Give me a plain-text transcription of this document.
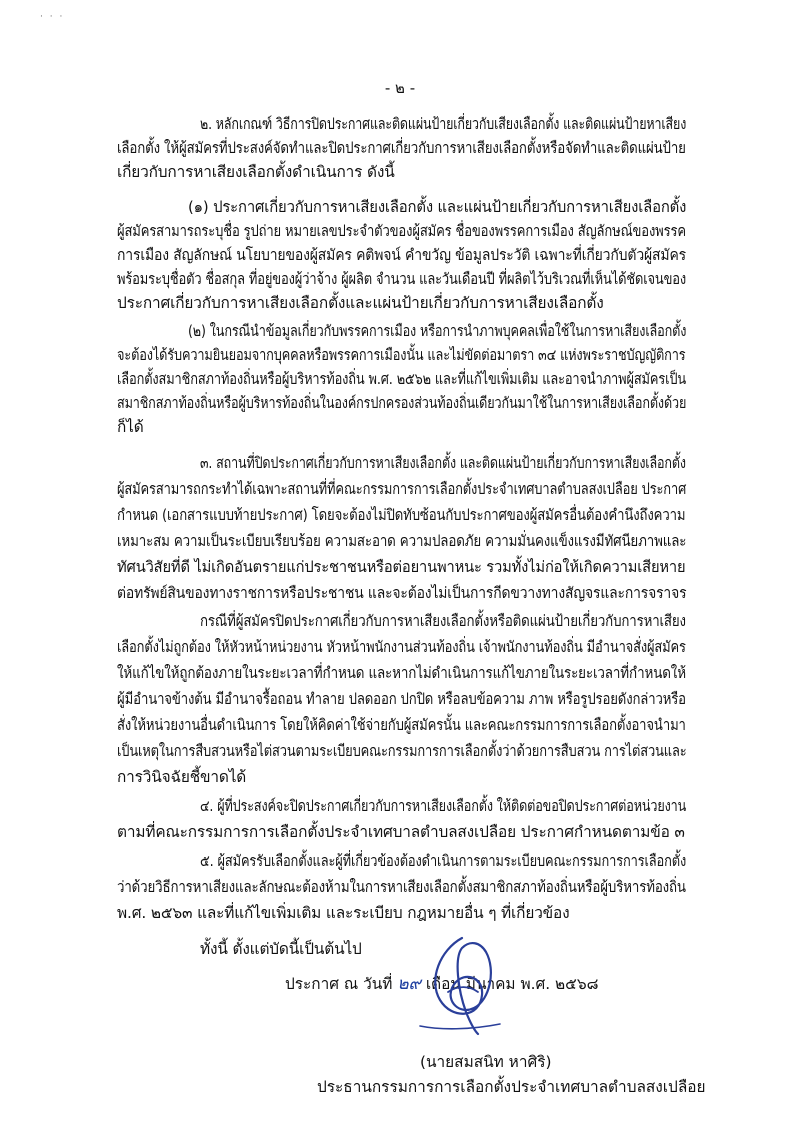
· · ·
- ๒ -
๒. หลักเกณฑ์ วิธีการปิดประกาศและติดแผ่นป้ายเกี่ยวกับเสียงเลือกตั้ง และติดแผ่นป้ายหาเสียง
เลือกตั้ง ให้ผู้สมัครที่ประสงค์จัดทำและปิดประกาศเกี่ยวกับการหาเสียงเลือกตั้งหรือจัดทำและติดแผ่นป้าย
เกี่ยวกับการหาเสียงเลือกตั้งดำเนินการ ดังนี้
(๑) ประกาศเกี่ยวกับการหาเสียงเลือกตั้ง และแผ่นป้ายเกี่ยวกับการหาเสียงเลือกตั้ง
ผู้สมัครสามารถระบุชื่อ รูปถ่าย หมายเลขประจำตัวของผู้สมัคร ชื่อของพรรคการเมือง สัญลักษณ์ของพรรค
การเมือง สัญลักษณ์ นโยบายของผู้สมัคร คติพจน์ คำขวัญ ข้อมูลประวัติ เฉพาะที่เกี่ยวกับตัวผู้สมัคร
พร้อมระบุชื่อตัว ชื่อสกุล ที่อยู่ของผู้ว่าจ้าง ผู้ผลิต จำนวน และวันเดือนปี ที่ผลิตไว้บริเวณที่เห็นได้ชัดเจนของ
ประกาศเกี่ยวกับการหาเสียงเลือกตั้งและแผ่นป้ายเกี่ยวกับการหาเสียงเลือกตั้ง
(๒) ในกรณีนำข้อมูลเกี่ยวกับพรรคการเมือง หรือการนำภาพบุคคลเพื่อใช้ในการหาเสียงเลือกตั้ง
จะต้องได้รับความยินยอมจากบุคคลหรือพรรคการเมืองนั้น และไม่ขัดต่อมาตรา ๓๔ แห่งพระราชบัญญัติการ
เลือกตั้งสมาชิกสภาท้องถิ่นหรือผู้บริหารท้องถิ่น พ.ศ. ๒๕๖๒ และที่แก้ไขเพิ่มเติม และอาจนำภาพผู้สมัครเป็น
สมาชิกสภาท้องถิ่นหรือผู้บริหารท้องถิ่นในองค์กรปกครองส่วนท้องถิ่นเดียวกันมาใช้ในการหาเสียงเลือกตั้งด้วย
ก็ได้
๓. สถานที่ปิดประกาศเกี่ยวกับการหาเสียงเลือกตั้ง และติดแผ่นป้ายเกี่ยวกับการหาเสียงเลือกตั้ง
ผู้สมัครสามารถกระทำได้เฉพาะสถานที่ที่คณะกรรมการการเลือกตั้งประจำเทศบาลตำบลสงเปลือย ประกาศ
กำหนด (เอกสารแบบท้ายประกาศ) โดยจะต้องไม่ปิดทับซ้อนกับประกาศของผู้สมัครอื่นต้องคำนึงถึงความ
เหมาะสม ความเป็นระเบียบเรียบร้อย ความสะอาด ความปลอดภัย ความมั่นคงแข็งแรงมีทัศนียภาพและ
ทัศนวิสัยที่ดี ไม่เกิดอันตรายแก่ประชาชนหรือต่อยานพาหนะ รวมทั้งไม่ก่อให้เกิดความเสียหาย
ต่อทรัพย์สินของทางราชการหรือประชาชน และจะต้องไม่เป็นการกีดขวางทางสัญจรและการจราจร
กรณีที่ผู้สมัครปิดประกาศเกี่ยวกับการหาเสียงเลือกตั้งหรือติดแผ่นป้ายเกี่ยวกับการหาเสียง
เลือกตั้งไม่ถูกต้อง ให้หัวหน้าหน่วยงาน หัวหน้าพนักงานส่วนท้องถิ่น เจ้าพนักงานท้องถิ่น มีอำนาจสั่งผู้สมัคร
ให้แก้ไขให้ถูกต้องภายในระยะเวลาที่กำหนด และหากไม่ดำเนินการแก้ไขภายในระยะเวลาที่กำหนดให้
ผู้มีอำนาจข้างต้น มีอำนาจรื้อถอน ทำลาย ปลดออก ปกปิด หรือลบข้อความ ภาพ หรือรูปรอยดังกล่าวหรือ
สั่งให้หน่วยงานอื่นดำเนินการ โดยให้คิดค่าใช้จ่ายกับผู้สมัครนั้น และคณะกรรมการการเลือกตั้งอาจนำมา
เป็นเหตุในการสืบสวนหรือไต่สวนตามระเบียบคณะกรรมการการเลือกตั้งว่าด้วยการสืบสวน การไต่สวนและ
การวินิจฉัยชี้ขาดได้
๔. ผู้ที่ประสงค์จะปิดประกาศเกี่ยวกับการหาเสียงเลือกตั้ง ให้ติดต่อขอปิดประกาศต่อหน่วยงาน
ตามที่คณะกรรมการการเลือกตั้งประจำเทศบาลตำบลสงเปลือย ประกาศกำหนดตามข้อ ๓
๕. ผู้สมัครรับเลือกตั้งและผู้ที่เกี่ยวข้องต้องดำเนินการตามระเบียบคณะกรรมการการเลือกตั้ง
ว่าด้วยวิธีการหาเสียงและลักษณะต้องห้ามในการหาเสียงเลือกตั้งสมาชิกสภาท้องถิ่นหรือผู้บริหารท้องถิ่น
พ.ศ. ๒๕๖๓ และที่แก้ไขเพิ่มเติม และระเบียบ กฎหมายอื่น ๆ ที่เกี่ยวข้อง
ทั้งนี้ ตั้งแต่บัดนี้เป็นต้นไป
ประกาศ ณ วันที่ ๒๙ เดือน มีนาคม พ.ศ. ๒๕๖๘
(นายสมสนิท หาศิริ)
ประธานกรรมการการเลือกตั้งประจำเทศบาลตำบลสงเปลือย
